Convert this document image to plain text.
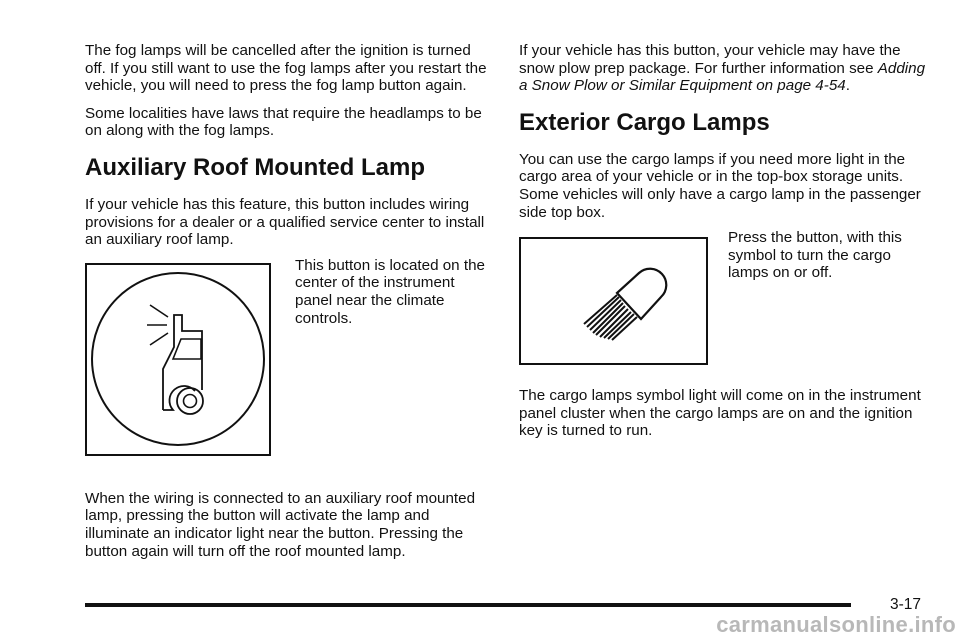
The fog lamps will be cancelled after the ignition is turned off. If you still want to use the fog lamps after you restart the vehicle, you will need to press the fog lamp button again.

Some localities have laws that require the headlamps to be on along with the fog lamps.

Auxiliary Roof Mounted Lamp

If your vehicle has this feature, this button includes wiring provisions for a dealer or a qualified service center to install an auxiliary roof lamp.

This button is located on the center of the instrument panel near the climate controls.

When the wiring is connected to an auxiliary roof mounted lamp, pressing the button will activate the lamp and illuminate an indicator light near the button. Pressing the button again will turn off the roof mounted lamp.

If your vehicle has this button, your vehicle may have the snow plow prep package. For further information see Adding a Snow Plow or Similar Equipment on page 4-54.

Exterior Cargo Lamps

You can use the cargo lamps if you need more light in the cargo area of your vehicle or in the top-box storage units. Some vehicles will only have a cargo lamp in the passenger side top box.

Press the button, with this symbol to turn the cargo lamps on or off.

The cargo lamps symbol light will come on in the instrument panel cluster when the cargo lamps are on and the ignition key is turned to run.

3-17
carmanualsonline.info
